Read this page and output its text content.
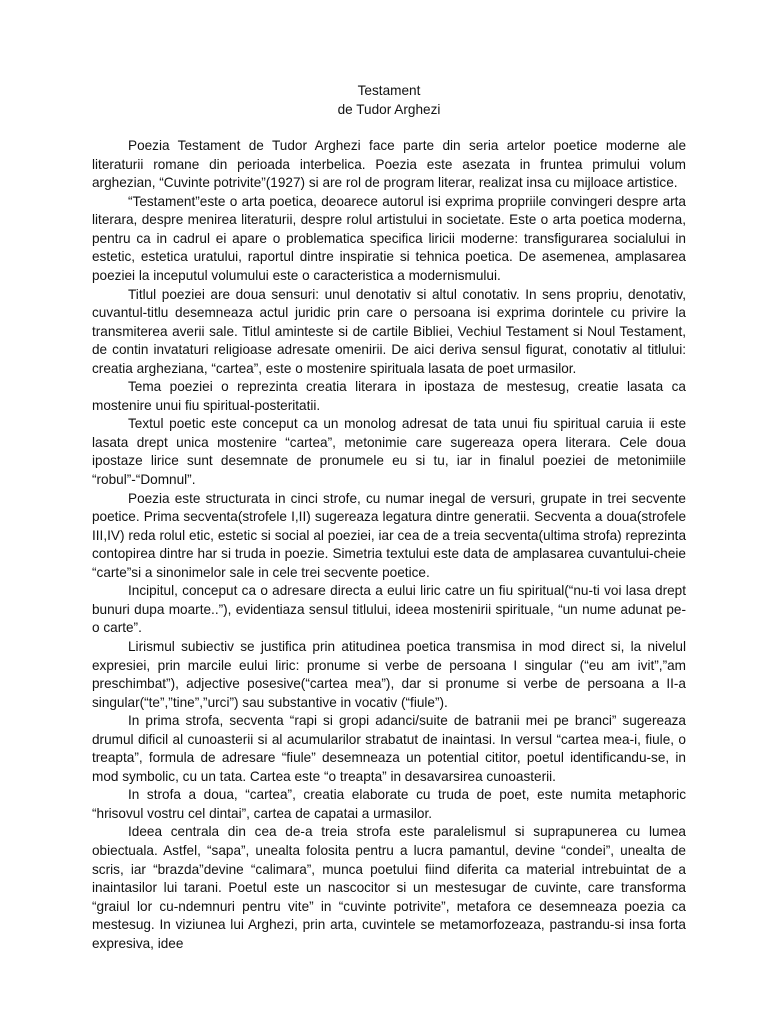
Testament

de Tudor Arghezi

Poezia Testament de Tudor Arghezi face parte din seria artelor poetice moderne ale literaturii romane din perioada interbelica. Poezia este asezata in fruntea primului volum arghezian, “Cuvinte potrivite”(1927) si are rol de program literar, realizat insa cu mijloace artistice.

“Testament”este o arta poetica, deoarece autorul isi exprima propriile convingeri despre arta literara, despre menirea literaturii, despre rolul artistului in societate. Este o arta poetica moderna, pentru ca in cadrul ei apare o problematica specifica liricii moderne: transfigurarea socialului in estetic, estetica uratului, raportul dintre inspiratie si tehnica poetica. De asemenea, amplasarea poeziei la inceputul volumului este o caracteristica a modernismului.

Titlul poeziei are doua sensuri: unul denotativ si altul conotativ. In sens propriu, denotativ, cuvantul-titlu desemneaza actul juridic prin care o persoana isi exprima dorintele cu privire la transmiterea averii sale. Titlul aminteste si de cartile Bibliei, Vechiul Testament si Noul Testament, de contin invataturi religioase adresate omenirii. De aici deriva sensul figurat, conotativ al titlului: creatia argheziana, “cartea”, este o mostenire spirituala lasata de poet urmasilor.

Tema poeziei o reprezinta creatia literara in ipostaza de mestesug, creatie lasata ca mostenire unui fiu spiritual-posteritatii.

Textul poetic este conceput ca un monolog adresat de tata unui fiu spiritual caruia ii este lasata drept unica mostenire “cartea”, metonimie care sugereaza opera literara. Cele doua ipostaze lirice sunt desemnate de pronumele eu si tu, iar in finalul poeziei de metonimiile “robul”-“Domnul”.

Poezia este structurata in cinci strofe, cu numar inegal de versuri, grupate in trei secvente poetice. Prima secventa(strofele I,II) sugereaza legatura dintre generatii. Secventa a doua(strofele III,IV) reda rolul etic, estetic si social al poeziei, iar cea de a treia secventa(ultima strofa) reprezinta contopirea dintre har si truda in poezie. Simetria textului este data de amplasarea cuvantului-cheie “carte”si a sinonimelor sale in cele trei secvente poetice.

Incipitul, conceput ca o adresare directa a eului liric catre un fiu spiritual(“nu-ti voi lasa drept bunuri dupa moarte..”), evidentiaza sensul titlului, ideea mostenirii spirituale, “un nume adunat pe-o carte”.

Lirismul subiectiv se justifica prin atitudinea poetica transmisa in mod direct si, la nivelul expresiei, prin marcile eului liric: pronume si verbe de persoana I singular (“eu am ivit”,”am preschimbat”), adjective posesive(“cartea mea”), dar si pronume si verbe de persoana a II-a singular(“te”,”tine”,”urci”) sau substantive in vocativ (“fiule”).

In prima strofa, secventa “rapi si gropi adanci/suite de batranii mei pe branci” sugereaza drumul dificil al cunoasterii si al acumularilor strabatut de inaintasi. In versul “cartea mea-i, fiule, o treapta”, formula de adresare “fiule” desemneaza un potential cititor, poetul identificandu-se, in mod symbolic, cu un tata. Cartea este “o treapta” in desavarsirea cunoasterii.

In strofa a doua, “cartea”, creatia elaborate cu truda de poet, este numita metaphoric “hrisovul vostru cel dintai”, cartea de capatai a urmasilor.

Ideea centrala din cea de-a treia strofa este paralelismul si suprapunerea cu lumea obiectuala. Astfel, “sapa”, unealta folosita pentru a lucra pamantul, devine “condei”, unealta de scris, iar “brazda”devine “calimara”, munca poetului fiind diferita ca material intrebuintat de a inaintasilor lui tarani. Poetul este un nascocitor si un mestesugar de cuvinte, care transforma “graiul lor cu-ndemnuri pentru vite” in “cuvinte potrivite”, metafora ce desemneaza poezia ca mestesug. In viziunea lui Arghezi, prin arta, cuvintele se metamorfozeaza, pastrandu-si insa forta expresiva, idee
